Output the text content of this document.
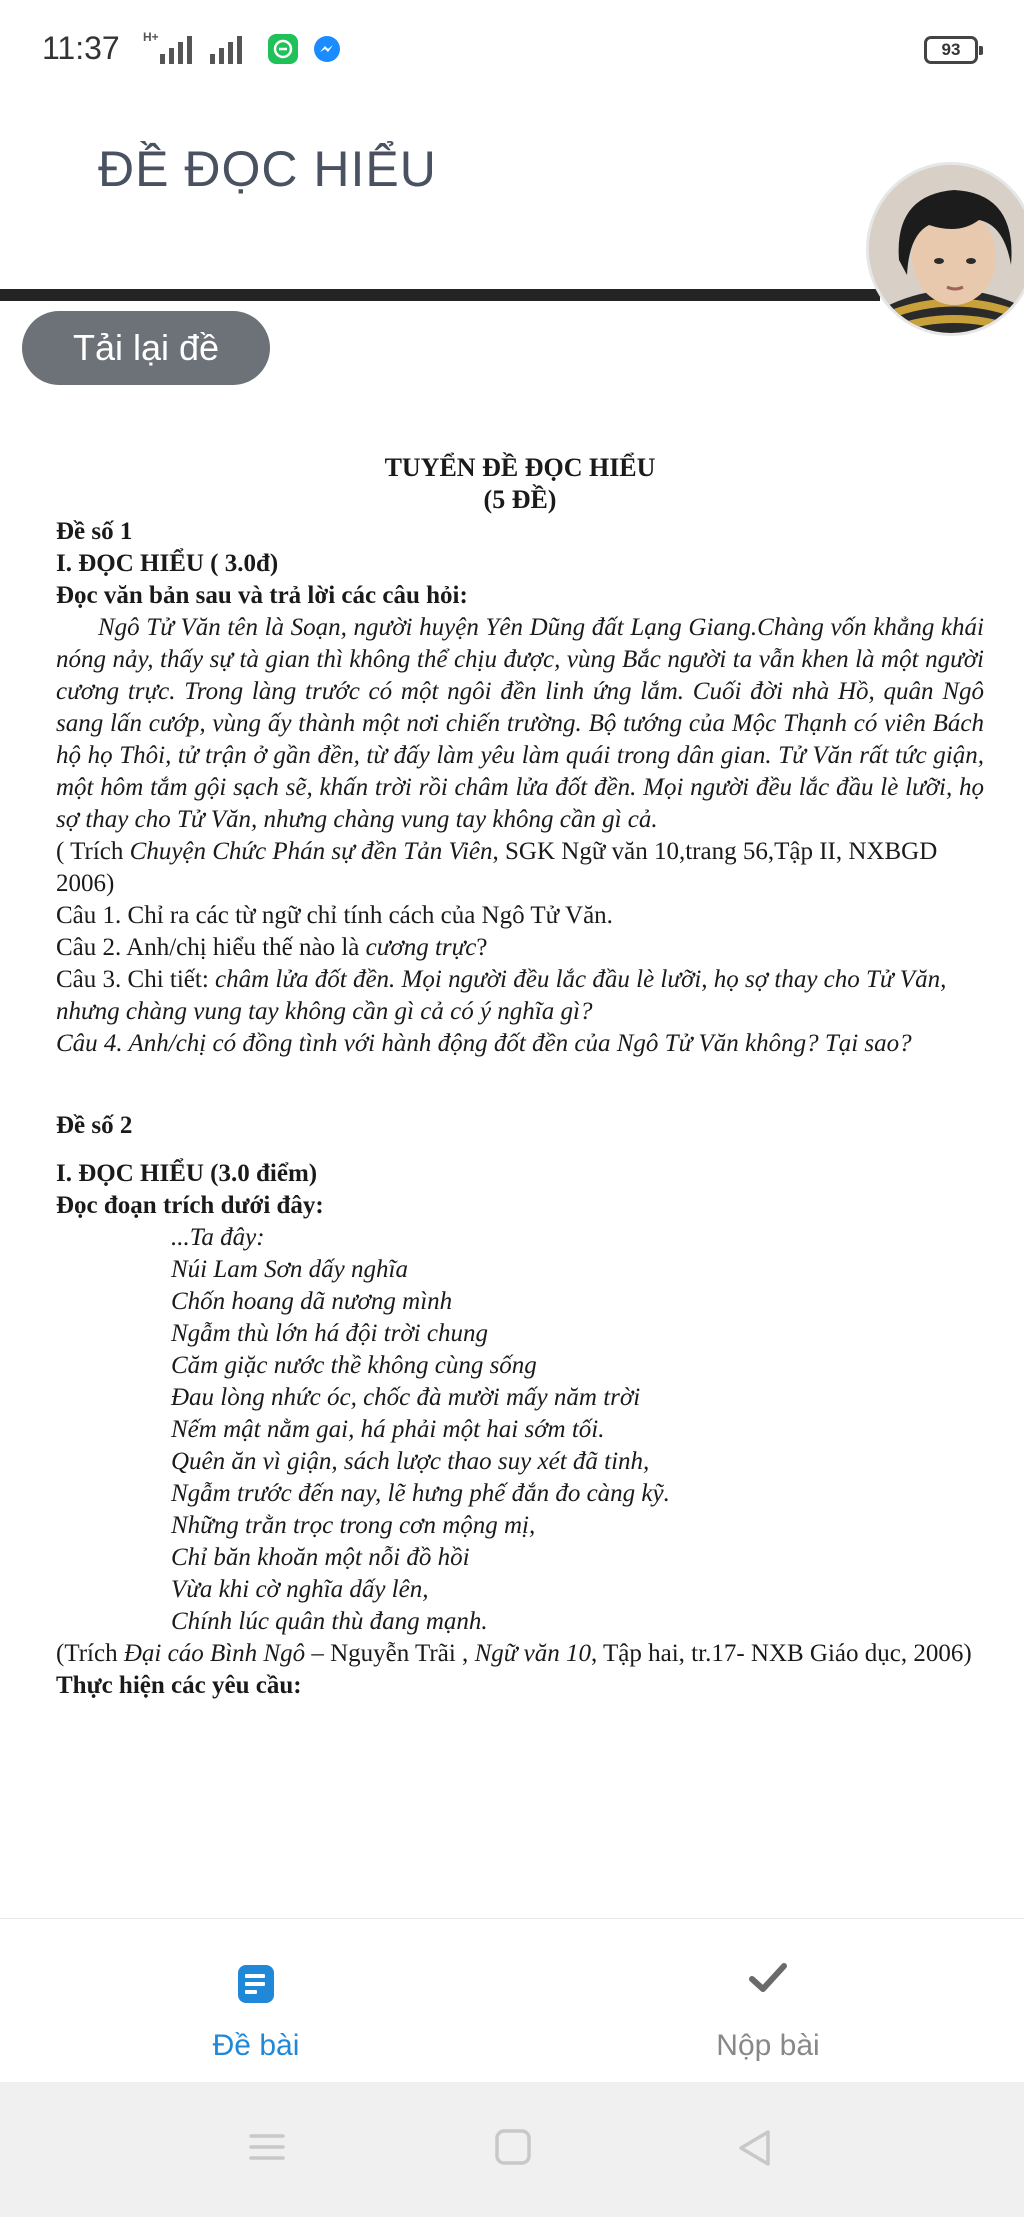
11:37 H+
93
ĐỀ ĐỌC HIỂU
Tải lại đề
TUYỂN ĐỀ ĐỌC HIỂU
(5 ĐỀ)
Đề số 1
I. ĐỌC HIỂU ( 3.0đ)
Đọc văn bản sau và trả lời các câu hỏi:
Ngô Tử Văn tên là Soạn, người huyện Yên Dũng đất Lạng Giang.Chàng vốn khẳng khái nóng nảy, thấy sự tà gian thì không thể chịu được, vùng Bắc người ta vẫn khen là một người cương trực. Trong làng trước có một ngôi đền linh ứng lắm. Cuối đời nhà Hồ, quân Ngô sang lấn cướp, vùng ấy thành một nơi chiến trường. Bộ tướng của Mộc Thạnh có viên Bách hộ họ Thôi, tử trận ở gần đền, từ đấy làm yêu làm quái trong dân gian. Tử Văn rất tức giận, một hôm tắm gội sạch sẽ, khấn trời rồi châm lửa đốt đền. Mọi người đều lắc đầu lè lưỡi, họ sợ thay cho Tử Văn, nhưng chàng vung tay không cần gì cả.
( Trích Chuyện Chức Phán sự đền Tản Viên, SGK Ngữ văn 10,trang 56,Tập II, NXBGD 2006)
Câu 1. Chỉ ra các từ ngữ chỉ tính cách của Ngô Tử Văn.
Câu 2. Anh/chị hiểu thế nào là cương trực?
Câu 3. Chi tiết: châm lửa đốt đền. Mọi người đều lắc đầu lè lưỡi, họ sợ thay cho Tử Văn, nhưng chàng vung tay không cần gì cả có ý nghĩa gì?
Câu 4. Anh/chị có đồng tình với hành động đốt đền của Ngô Tử Văn không? Tại sao?
Đề số 2
I. ĐỌC HIỂU (3.0 điểm)
Đọc đoạn trích dưới đây:
...Ta đây:
Núi Lam Sơn dấy nghĩa
Chốn hoang dã nương mình
Ngẫm thù lớn há đội trời chung
Căm giặc nước thề không cùng sống
Đau lòng nhức óc, chốc đà mười mấy năm trời
Nếm mật nằm gai, há phải một hai sớm tối.
Quên ăn vì giận, sách lược thao suy xét đã tinh,
Ngẫm trước đến nay, lẽ hưng phế đắn đo càng kỹ.
Những trằn trọc trong cơn mộng mị,
Chỉ băn khoăn một nỗi đồ hồi
Vừa khi cờ nghĩa dấy lên,
Chính lúc quân thù đang mạnh.
(Trích Đại cáo Bình Ngô – Nguyễn Trãi , Ngữ văn 10, Tập hai, tr.17- NXB Giáo dục, 2006)
Thực hiện các yêu cầu:
Đề bài	Nộp bài
